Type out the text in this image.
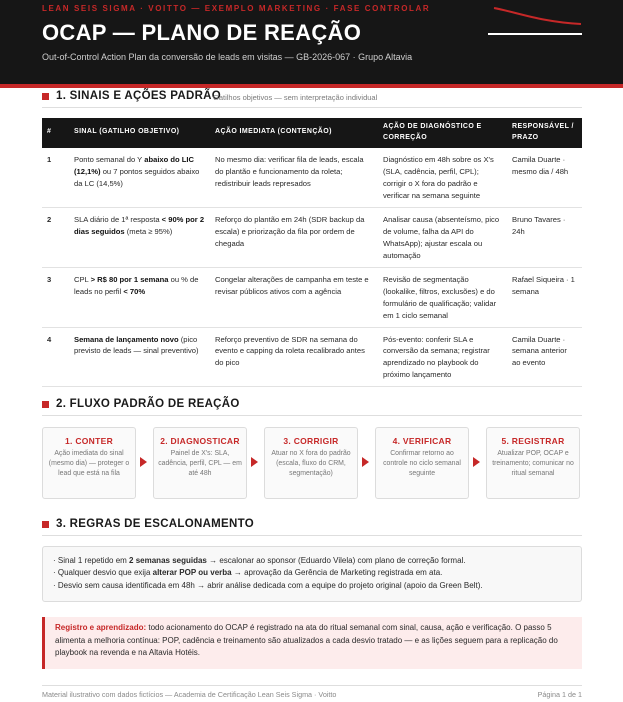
LEAN SEIS SIGMA · VOITTO — EXEMPLO MARKETING · FASE CONTROLAR
OCAP — PLANO DE REAÇÃO
Out-of-Control Action Plan da conversão de leads em visitas — GB-2026-067 · Grupo Altavia
1. SINAIS E AÇÕES PADRÃO
Gatilhos objetivos — sem interpretação individual
#	SINAL (GATILHO OBJETIVO)	AÇÃO IMEDIATA (CONTENÇÃO)	AÇÃO DE DIAGNÓSTICO E CORREÇÃO	RESPONSÁVEL / PRAZO
1	Ponto semanal do Y abaixo do LIC (12,1%) ou 7 pontos seguidos abaixo da LC (14,5%)	No mesmo dia: verificar fila de leads, escala do plantão e funcionamento da roleta; redistribuir leads represados	Diagnóstico em 48h sobre os X's (SLA, cadência, perfil, CPL); corrigir o X fora do padrão e verificar na semana seguinte	Camila Duarte · mesmo dia / 48h
2	SLA diário de 1ª resposta < 90% por 2 dias seguidos (meta ≥ 95%)	Reforço do plantão em 24h (SDR backup da escala) e priorização da fila por ordem de chegada	Analisar causa (absenteísmo, pico de volume, falha da API do WhatsApp); ajustar escala ou automação	Bruno Tavares · 24h
3	CPL > R$ 80 por 1 semana ou % de leads no perfil < 70%	Congelar alterações de campanha em teste e revisar públicos ativos com a agência	Revisão de segmentação (lookalike, filtros, exclusões) e do formulário de qualificação; validar em 1 ciclo semanal	Rafael Siqueira · 1 semana
4	Semana de lançamento novo (pico previsto de leads — sinal preventivo)	Reforço preventivo de SDR na semana do evento e capping da roleta recalibrado antes do pico	Pós-evento: conferir SLA e conversão da semana; registrar aprendizado no playbook do próximo lançamento	Camila Duarte · semana anterior ao evento
2. FLUXO PADRÃO DE REAÇÃO
1. CONTER
Ação imediata do sinal (mesmo dia) — proteger o lead que está na fila
2. DIAGNOSTICAR
Painel de X's: SLA, cadência, perfil, CPL — em até 48h
3. CORRIGIR
Atuar no X fora do padrão (escala, fluxo do CRM, segmentação)
4. VERIFICAR
Confirmar retorno ao controle no ciclo semanal seguinte
5. REGISTRAR
Atualizar POP, OCAP e treinamento; comunicar no ritual semanal
3. REGRAS DE ESCALONAMENTO
· Sinal 1 repetido em 2 semanas seguidas → escalonar ao sponsor (Eduardo Vilela) com plano de correção formal.
· Qualquer desvio que exija alterar POP ou verba → aprovação da Gerência de Marketing registrada em ata.
· Desvio sem causa identificada em 48h → abrir análise dedicada com a equipe do projeto original (apoio da Green Belt).
Registro e aprendizado: todo acionamento do OCAP é registrado na ata do ritual semanal com sinal, causa, ação e verificação. O passo 5 alimenta a melhoria contínua: POP, cadência e treinamento são atualizados a cada desvio tratado — e as lições seguem para a replicação do playbook na revenda e na Altavia Hotéis.
Material ilustrativo com dados fictícios — Academia de Certificação Lean Seis Sigma · Voitto	Página 1 de 1
